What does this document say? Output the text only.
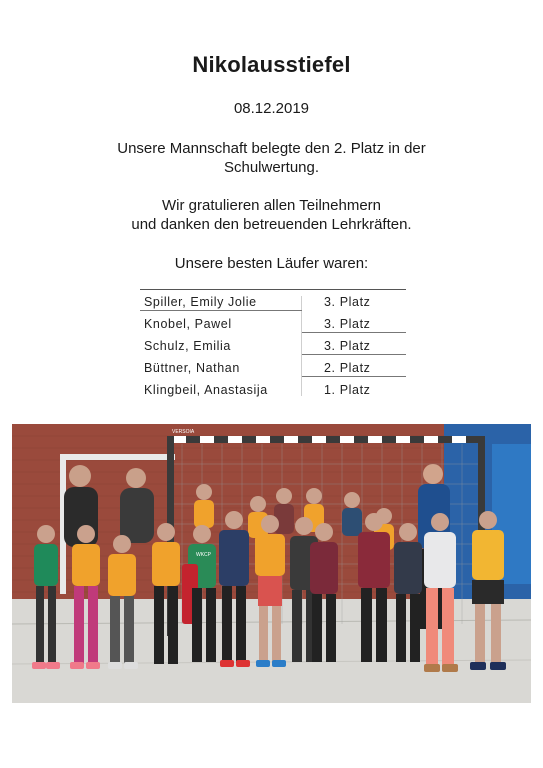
Nikolausstiefel
08.12.2019
Unsere Mannschaft belegte den 2. Platz in der
Schulwertung.
Wir gratulieren allen Teilnehmern
und danken den betreuenden Lehrkräften.
Unsere besten Läufer waren:
Spiller, Emily Jolie	3. Platz
Knobel, Pawel	3. Platz
Schulz, Emilia	3. Platz
Büttner, Nathan	2. Platz
Klingbeil, Anastasija	1. Platz
VERSOIA
WKCP
